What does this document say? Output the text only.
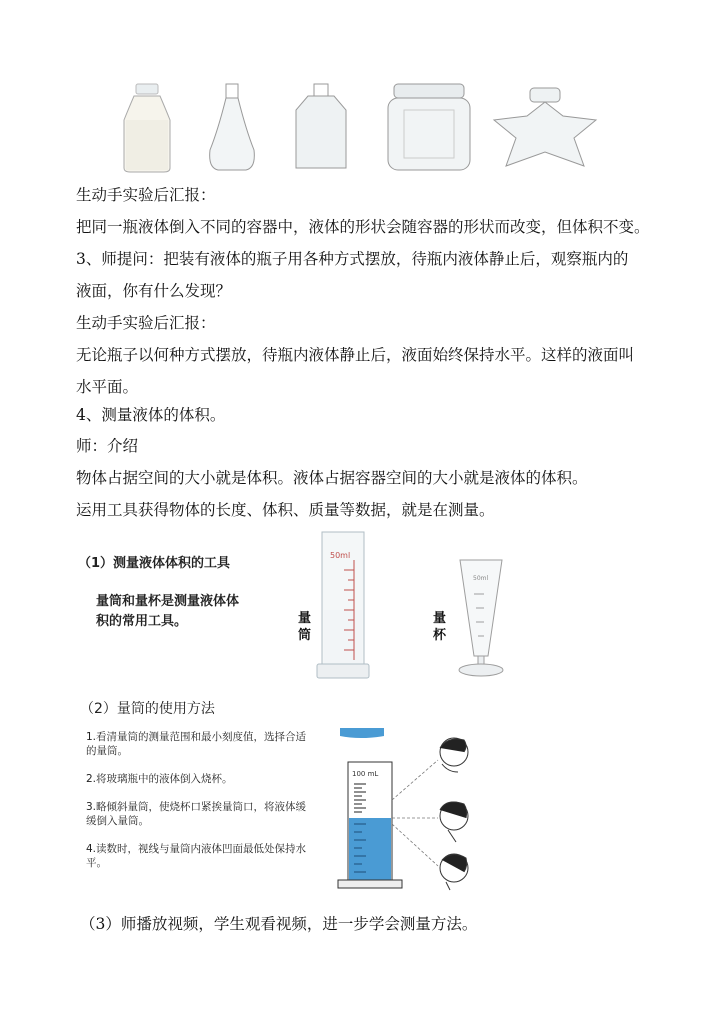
生动手实验后汇报：
把同一瓶液体倒入不同的容器中，液体的形状会随容器的形状而改变，但体积不变。
3、师提问：把装有液体的瓶子用各种方式摆放，待瓶内液体静止后，观察瓶内的
液面，你有什么发现？
生动手实验后汇报：
无论瓶子以何种方式摆放，待瓶内液体静止后，液面始终保持水平。这样的液面叫
水平面。
4、测量液体的体积。
师：介绍
物体占据空间的大小就是体积。液体占据容器空间的大小就是液体的体积。
运用工具获得物体的长度、体积、质量等数据，就是在测量。
（1）测量液体体积的工具
量筒和量杯是测量液体体积的常用工具。	量筒
50ml
量杯
50ml
（2）量筒的使用方法
1.看清量筒的测量范围和最小刻度值，选择合适的量筒。
2.将玻璃瓶中的液体倒入烧杯。
3.略倾斜量筒，使烧杯口紧挨量筒口，将液体缓缓倒入量筒。
4.读数时，视线与量筒内液体凹面最低处保持水平。
100 mL
（3）师播放视频，学生观看视频，进一步学会测量方法。
